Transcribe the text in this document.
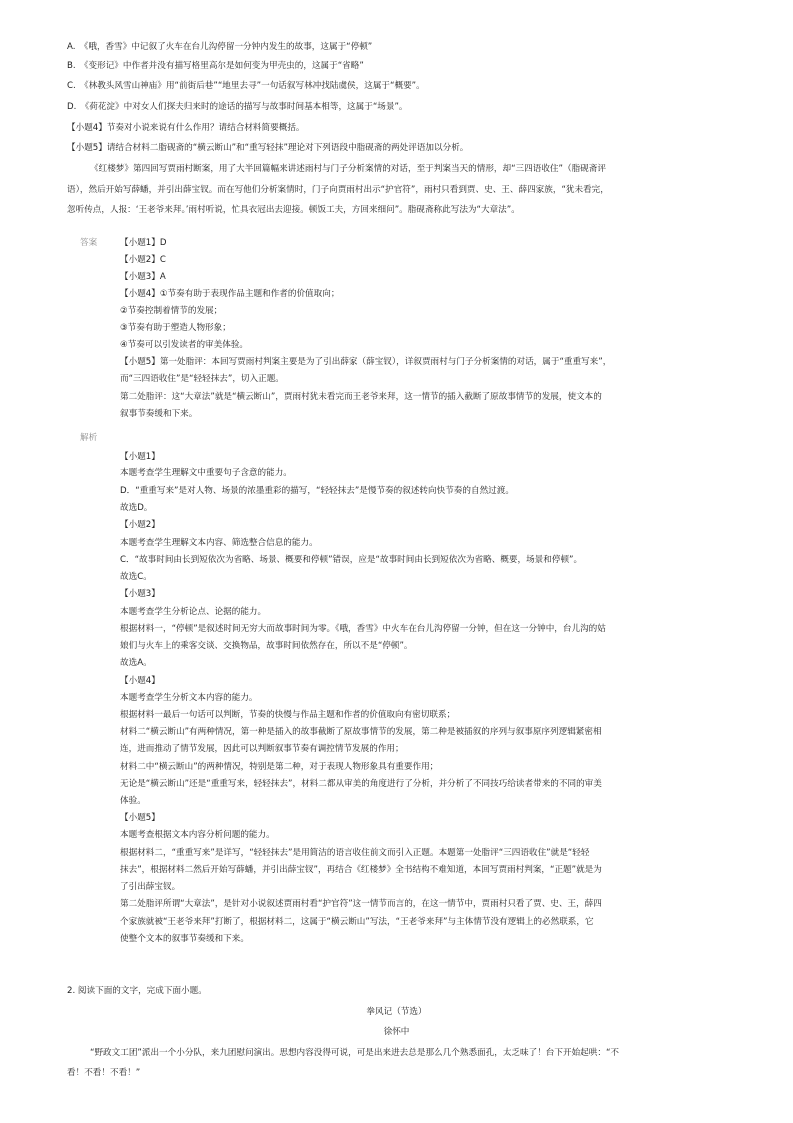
A.　《哦，香雪》中记叙了火车在台儿沟停留一分钟内发生的故事，这属于“停顿”
B.　《变形记》中作者并没有描写格里高尔是如何变为甲壳虫的，这属于“省略”
C.　《林教头风雪山神庙》用“前街后巷”“地里去寻”一句话叙写林冲找陆虞侯，这属于“概要”。
D.　《荷花淀》中对女人们探夫归来时的途话的描写与故事时间基本相等，这属于“场景”。
【小题4】节奏对小说来说有什么作用？请结合材料简要概括。
【小题5】请结合材料二脂砚斋的“横云断山”和“重写轻抹”理论对下列语段中脂砚斋的两处评语加以分析。
《红楼梦》第四回写贾雨村断案，用了大半回篇幅来讲述雨村与门子分析案情的对话，至于判案当天的情形，却“三四语收住”（脂砚斋评
语），然后开始写薛蟠，并引出薛宝钗。而在写他们分析案情时，门子向贾雨村出示“护官符”，雨村只看到贾、史、王、薛四家族，“犹未看完，
忽听传点，人报：‘王老爷来拜。’雨村听说，忙具衣冠出去迎接。顿饭工夫，方回来细问”。脂砚斋称此写法为“大章法”。
答案	【小题1】D
【小题2】C
【小题3】A
【小题4】①节奏有助于表现作品主题和作者的价值取向；
②节奏控制着情节的发展；
③节奏有助于塑造人物形象；
④节奏可以引发读者的审美体验。
【小题5】第一处脂评：本回写贾雨村判案主要是为了引出薛家（薛宝钗），详叙贾雨村与门子分析案情的对话，属于“重重写来”，
而“三四语收住”是“轻轻抹去”，切入正题。
第二处脂评：这“大章法”就是“横云断山”，贾雨村犹未看完而王老爷来拜，这一情节的插入截断了原故事情节的发展，使文本的
叙事节奏缓和下来。
解析
【小题1】
本题考查学生理解文中重要句子含意的能力。
D．“重重写来”是对人物、场景的浓墨重彩的描写，“轻轻抹去”是慢节奏的叙述转向快节奏的自然过渡。
故选D。
【小题2】
本题考查学生理解文本内容、筛选整合信息的能力。
C．“故事时间由长到短依次为省略、场景、概要和停顿”错误，应是“故事时间由长到短依次为省略、概要，场景和停顿”。
故选C。
【小题3】
本题考查学生分析论点、论据的能力。
根据材料一，“停顿”是叙述时间无穷大而故事时间为零。《哦，香雪》中火车在台儿沟停留一分钟，但在这一分钟中，台儿沟的姑
娘们与火车上的乘客交谈、交换物品，故事时间依然存在，所以不是“停顿”。
故选A。
【小题4】
本题考查学生分析文本内容的能力。
根据材料一最后一句话可以判断，节奏的快慢与作品主题和作者的价值取向有密切联系；
材料二“横云断山”有两种情况，第一种是插入的故事截断了原故事情节的发展，第二种是被插叙的序列与叙事原序列逻辑紧密相
连，进而推动了情节发展，因此可以判断叙事节奏有调控情节发展的作用；
材料二中“横云断山”的两种情况，特别是第二种，对于表现人物形象具有重要作用；
无论是“横云断山”还是“重重写来，轻轻抹去”，材料二都从审美的角度进行了分析，并分析了不同技巧给读者带来的不同的审美
体验。
【小题5】
本题考查根据文本内容分析问题的能力。
根据材料二，“重重写来”是详写，“轻轻抹去”是用简洁的语言收住前文而引入正题。本题第一处脂评“三四语收住”就是“轻轻
抹去”，根据材料二然后开始写薛蟠，并引出薛宝钗”，再结合《红楼梦》全书结构不难知道，本回写贾雨村判案，“正题”就是为
了引出薛宝钗。
第二处脂评所谓“大章法”，是针对小说叙述贾雨村看“护官符”这一情节而言的，在这一情节中，贾雨村只看了贾、史、王，薛四
个家族就被“王老爷来拜”打断了，根据材料二，这属于“横云断山”写法，“王老爷来拜”与主体情节没有逻辑上的必然联系，它
使整个文本的叙事节奏缓和下来。
2. 阅读下面的文字，完成下面小题。
拳风记（节选）
徐怀中
“野政文工团”派出一个小分队，来九团慰问演出。思想内容没得可说，可是出来进去总是那么几个熟悉面孔，太乏味了！台下开始起哄：“不
看！不看！不看！”
